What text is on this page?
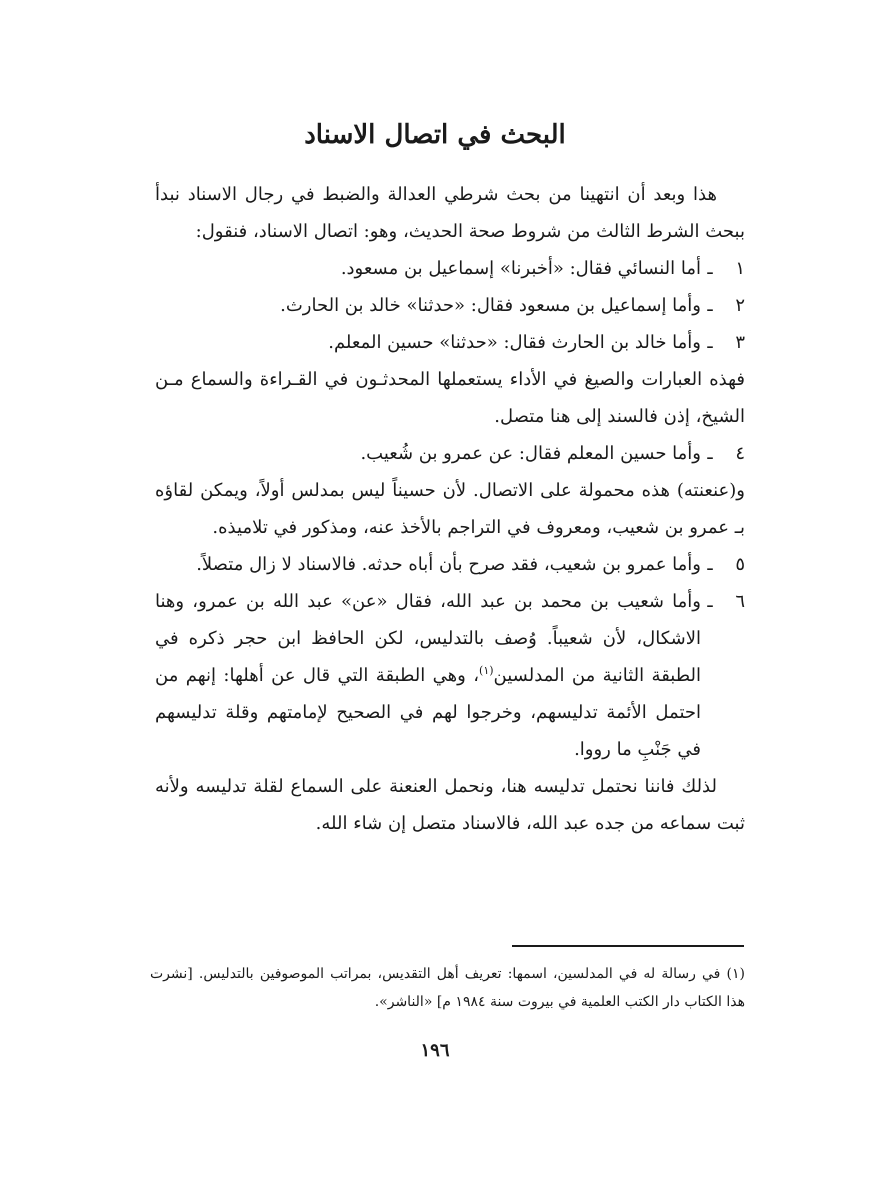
البحث في اتصال الاسناد

هذا وبعد أن انتهينا من بحث شرطي العدالة والضبط في رجال الاسناد نبدأ ببحث الشرط الثالث من شروط صحة الحديث، وهو: اتصال الاسناد، فنقول:

١
ـ
أما النسائي فقال: «أخبرنا» إسماعيل بن مسعود.
٢
ـ
وأما إسماعيل بن مسعود فقال: «حدثنا» خالد بن الحارث.
٣
ـ
وأما خالد بن الحارث فقال: «حدثنا» حسين المعلم.

فهذه العبارات والصيغ في الأداء يستعملها المحدثـون في القـراءة والسماع مـن الشيخ، إذن فالسند إلى هنا متصل.

٤
ـ
وأما حسين المعلم فقال: عن عمرو بن شُعيب.

و(عنعنته) هذه محمولة على الاتصال. لأن حسيناً ليس بمدلس أولاً، ويمكن لقاؤه بـ عمرو بن شعيب، ومعروف في التراجم بالأخذ عنه، ومذكور في تلاميذه.

٥
ـ
وأما عمرو بن شعيب، فقد صرح بأن أباه حدثه. فالاسناد لا زال متصلاً.
٦
ـ
وأما شعيب بن محمد بن عبد الله، فقال «عن» عبد الله بن عمرو، وهنا الاشكال، لأن شعيباً. وُصف بالتدليس، لكن الحافظ ابن حجر ذكره في الطبقة الثانية من المدلسين$^{(١)}$، وهي الطبقة التي قال عن أهلها: إنهم من احتمل الأئمة تدليسهم، وخرجوا لهم في الصحيح لإمامتهم وقلة تدليسهم في جَنْبِ ما رووا.

لذلك فاننا نحتمل تدليسه هنا، ونحمل العنعنة على السماع لقلة تدليسه ولأنه ثبت سماعه من جده عبد الله، فالاسناد متصل إن شاء الله.

(١) في رسالة له في المدلسين، اسمها: تعريف أهل التقديس، بمراتب الموصوفين بالتدليس. [نشرت هذا الكتاب دار الكتب العلمية في بيروت سنة ١٩٨٤ م] «الناشر».

١٩٦
